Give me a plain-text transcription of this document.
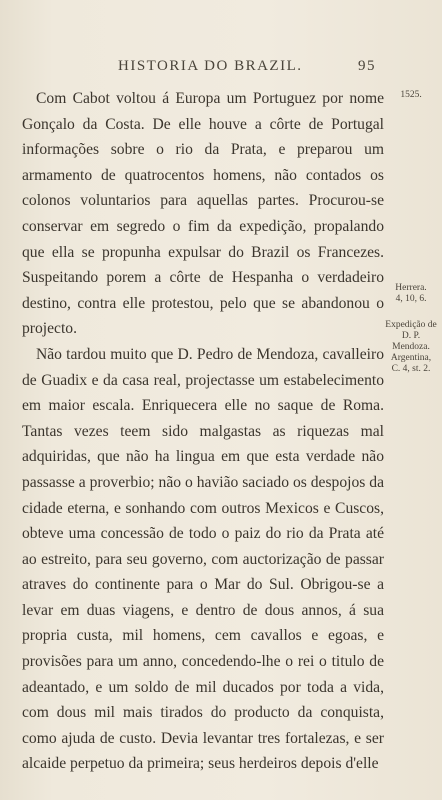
HISTORIA DO BRAZIL.	95

Com Cabot voltou á Europa um Portuguez por nome Gonçalo da Costa. De elle houve a côrte de Portugal informações sobre o rio da Prata, e preparou um armamento de quatrocentos homens, não contados os colonos voluntarios para aquellas partes. Procurou-se conservar em segredo o fim da expedição, propalando que ella se propunha expulsar do Brazil os Francezes. Suspeitando porem a côrte de Hespanha o verdadeiro destino, contra elle protestou, pelo que se abandonou o projecto.

Não tardou muito que D. Pedro de Mendoza, cavalleiro de Guadix e da casa real, projectasse um estabelecimento em maior escala. Enriquecera elle no saque de Roma. Tantas vezes teem sido malgastas as riquezas mal adquiridas, que não ha lingua em que esta verdade não passasse a proverbio; não o havião saciado os despojos da cidade eterna, e sonhando com outros Mexicos e Cuscos, obteve uma concessão de todo o paiz do rio da Prata até ao estreito, para seu governo, com auctorização de passar atraves do continente para o Mar do Sul. Obrigou-se a levar em duas viagens, e dentro de dous annos, á sua propria custa, mil homens, cem cavallos e egoas, e provisões para um anno, concedendo-lhe o rei o titulo de adeantado, e um soldo de mil ducados por toda a vida, com dous mil mais tirados do producto da conquista, como ajuda de custo. Devia levantar tres fortalezas, e ser alcaide perpetuo da primeira; seus herdeiros depois d'elle

1525.
Herrera.
4, 10, 6.
Expedição de
D. P. Mendoza.
Argentina,
C. 4, st. 2.
